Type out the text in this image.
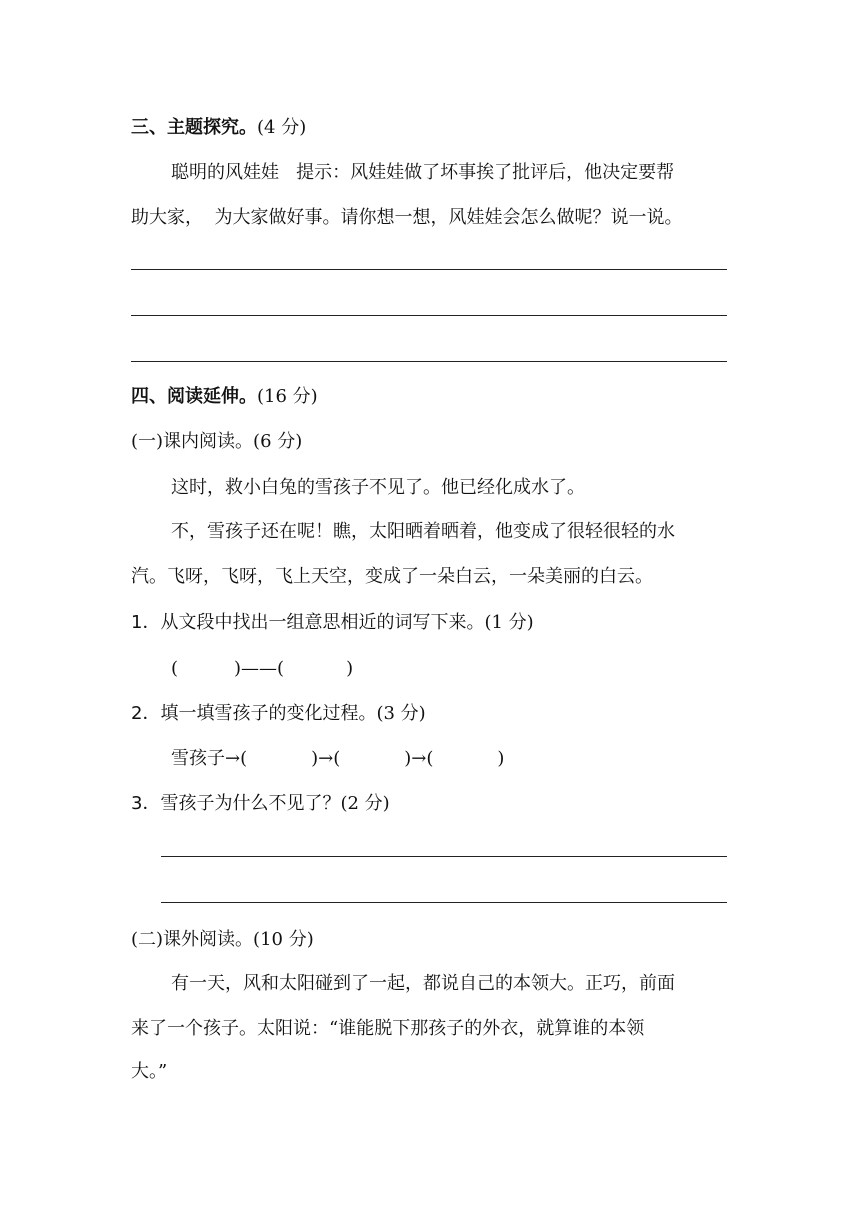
三、主题探究。(4 分)
聪明的风娃娃   提示：风娃娃做了坏事挨了批评后，他决定要帮
助大家，  为大家做好事。请你想一想，风娃娃会怎么做呢？说一说。
四、阅读延伸。(16 分)
(一)课内阅读。(6 分)
这时，救小白兔的雪孩子不见了。他已经化成水了。
不，雪孩子还在呢！瞧，太阳晒着晒着，他变成了很轻很轻的水
汽。飞呀，飞呀，飞上天空，变成了一朵白云，一朵美丽的白云。
1．从文段中找出一组意思相近的词写下来。(1 分)
(	)——(	)
2．填一填雪孩子的变化过程。(3 分)
雪孩子→(	)→(	)→(	)
3．雪孩子为什么不见了？(2 分)
(二)课外阅读。(10 分)
有一天，风和太阳碰到了一起，都说自己的本领大。正巧，前面
来了一个孩子。太阳说：“谁能脱下那孩子的外衣，就算谁的本领
大。”
